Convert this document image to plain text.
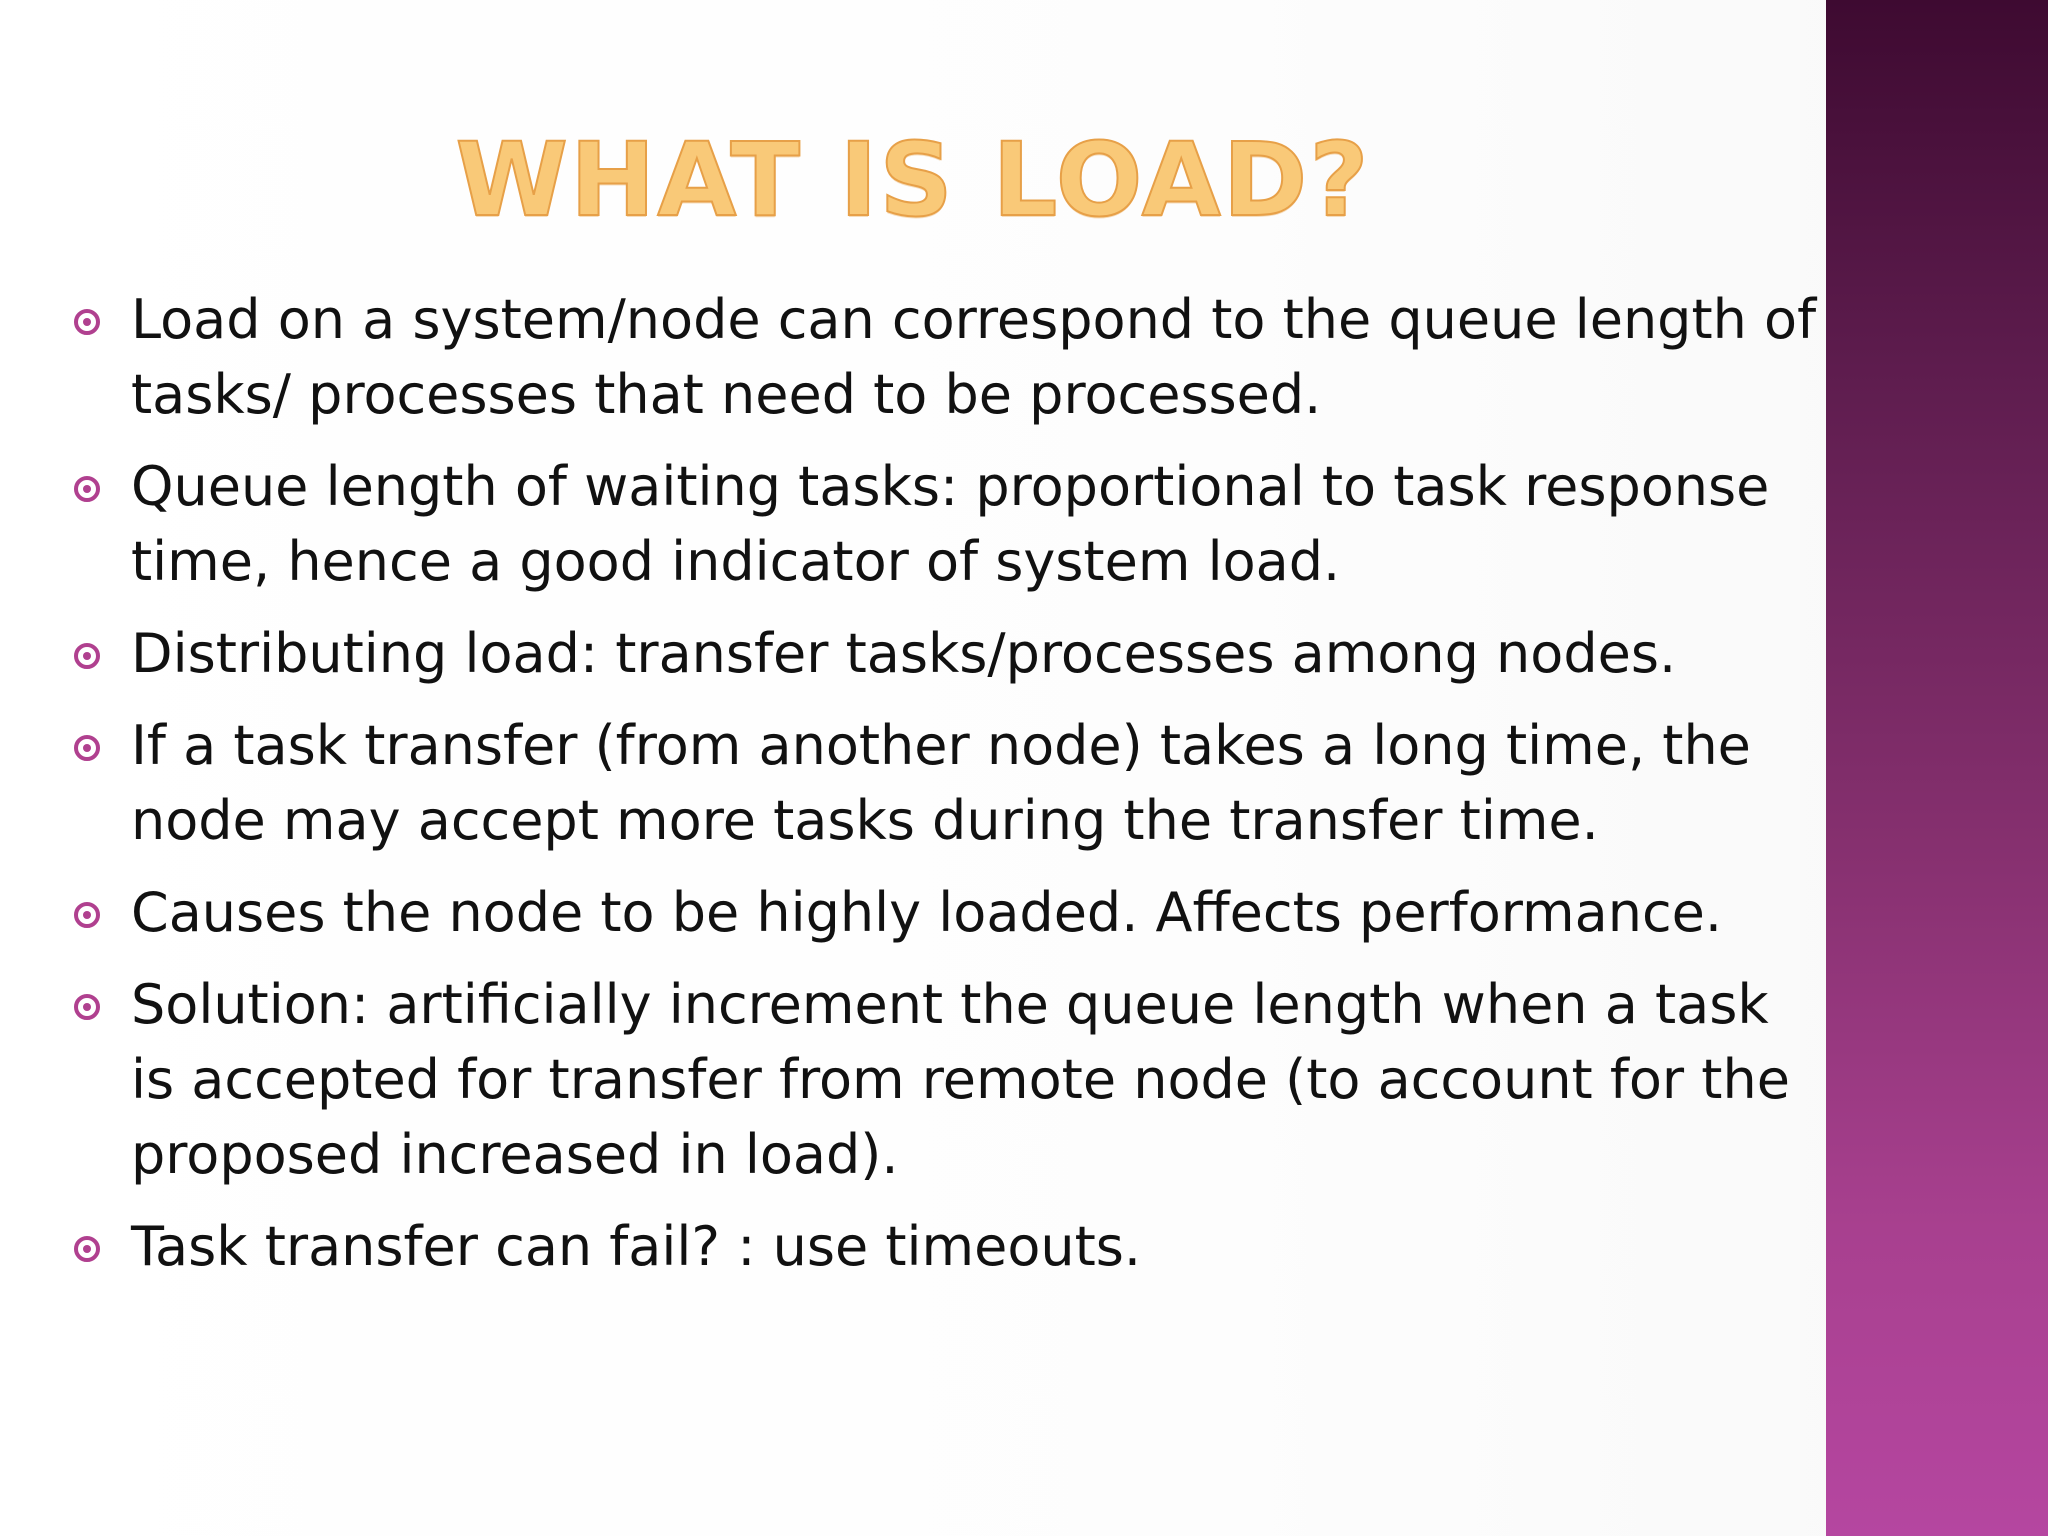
WHAT IS LOAD?
Load on a system/node can correspond to the queue length of tasks/ processes that need to be processed.
Queue length of waiting tasks: proportional to task response time, hence a good indicator of system load.
Distributing load: transfer tasks/processes among nodes.
If a task transfer (from another node) takes a long time, the node may accept more tasks during the transfer time.
Causes the node to be highly loaded. Affects performance.
Solution: artificially increment the queue length when a task is accepted for transfer from remote node (to account for the proposed increased in load).
Task transfer can fail? : use timeouts.
